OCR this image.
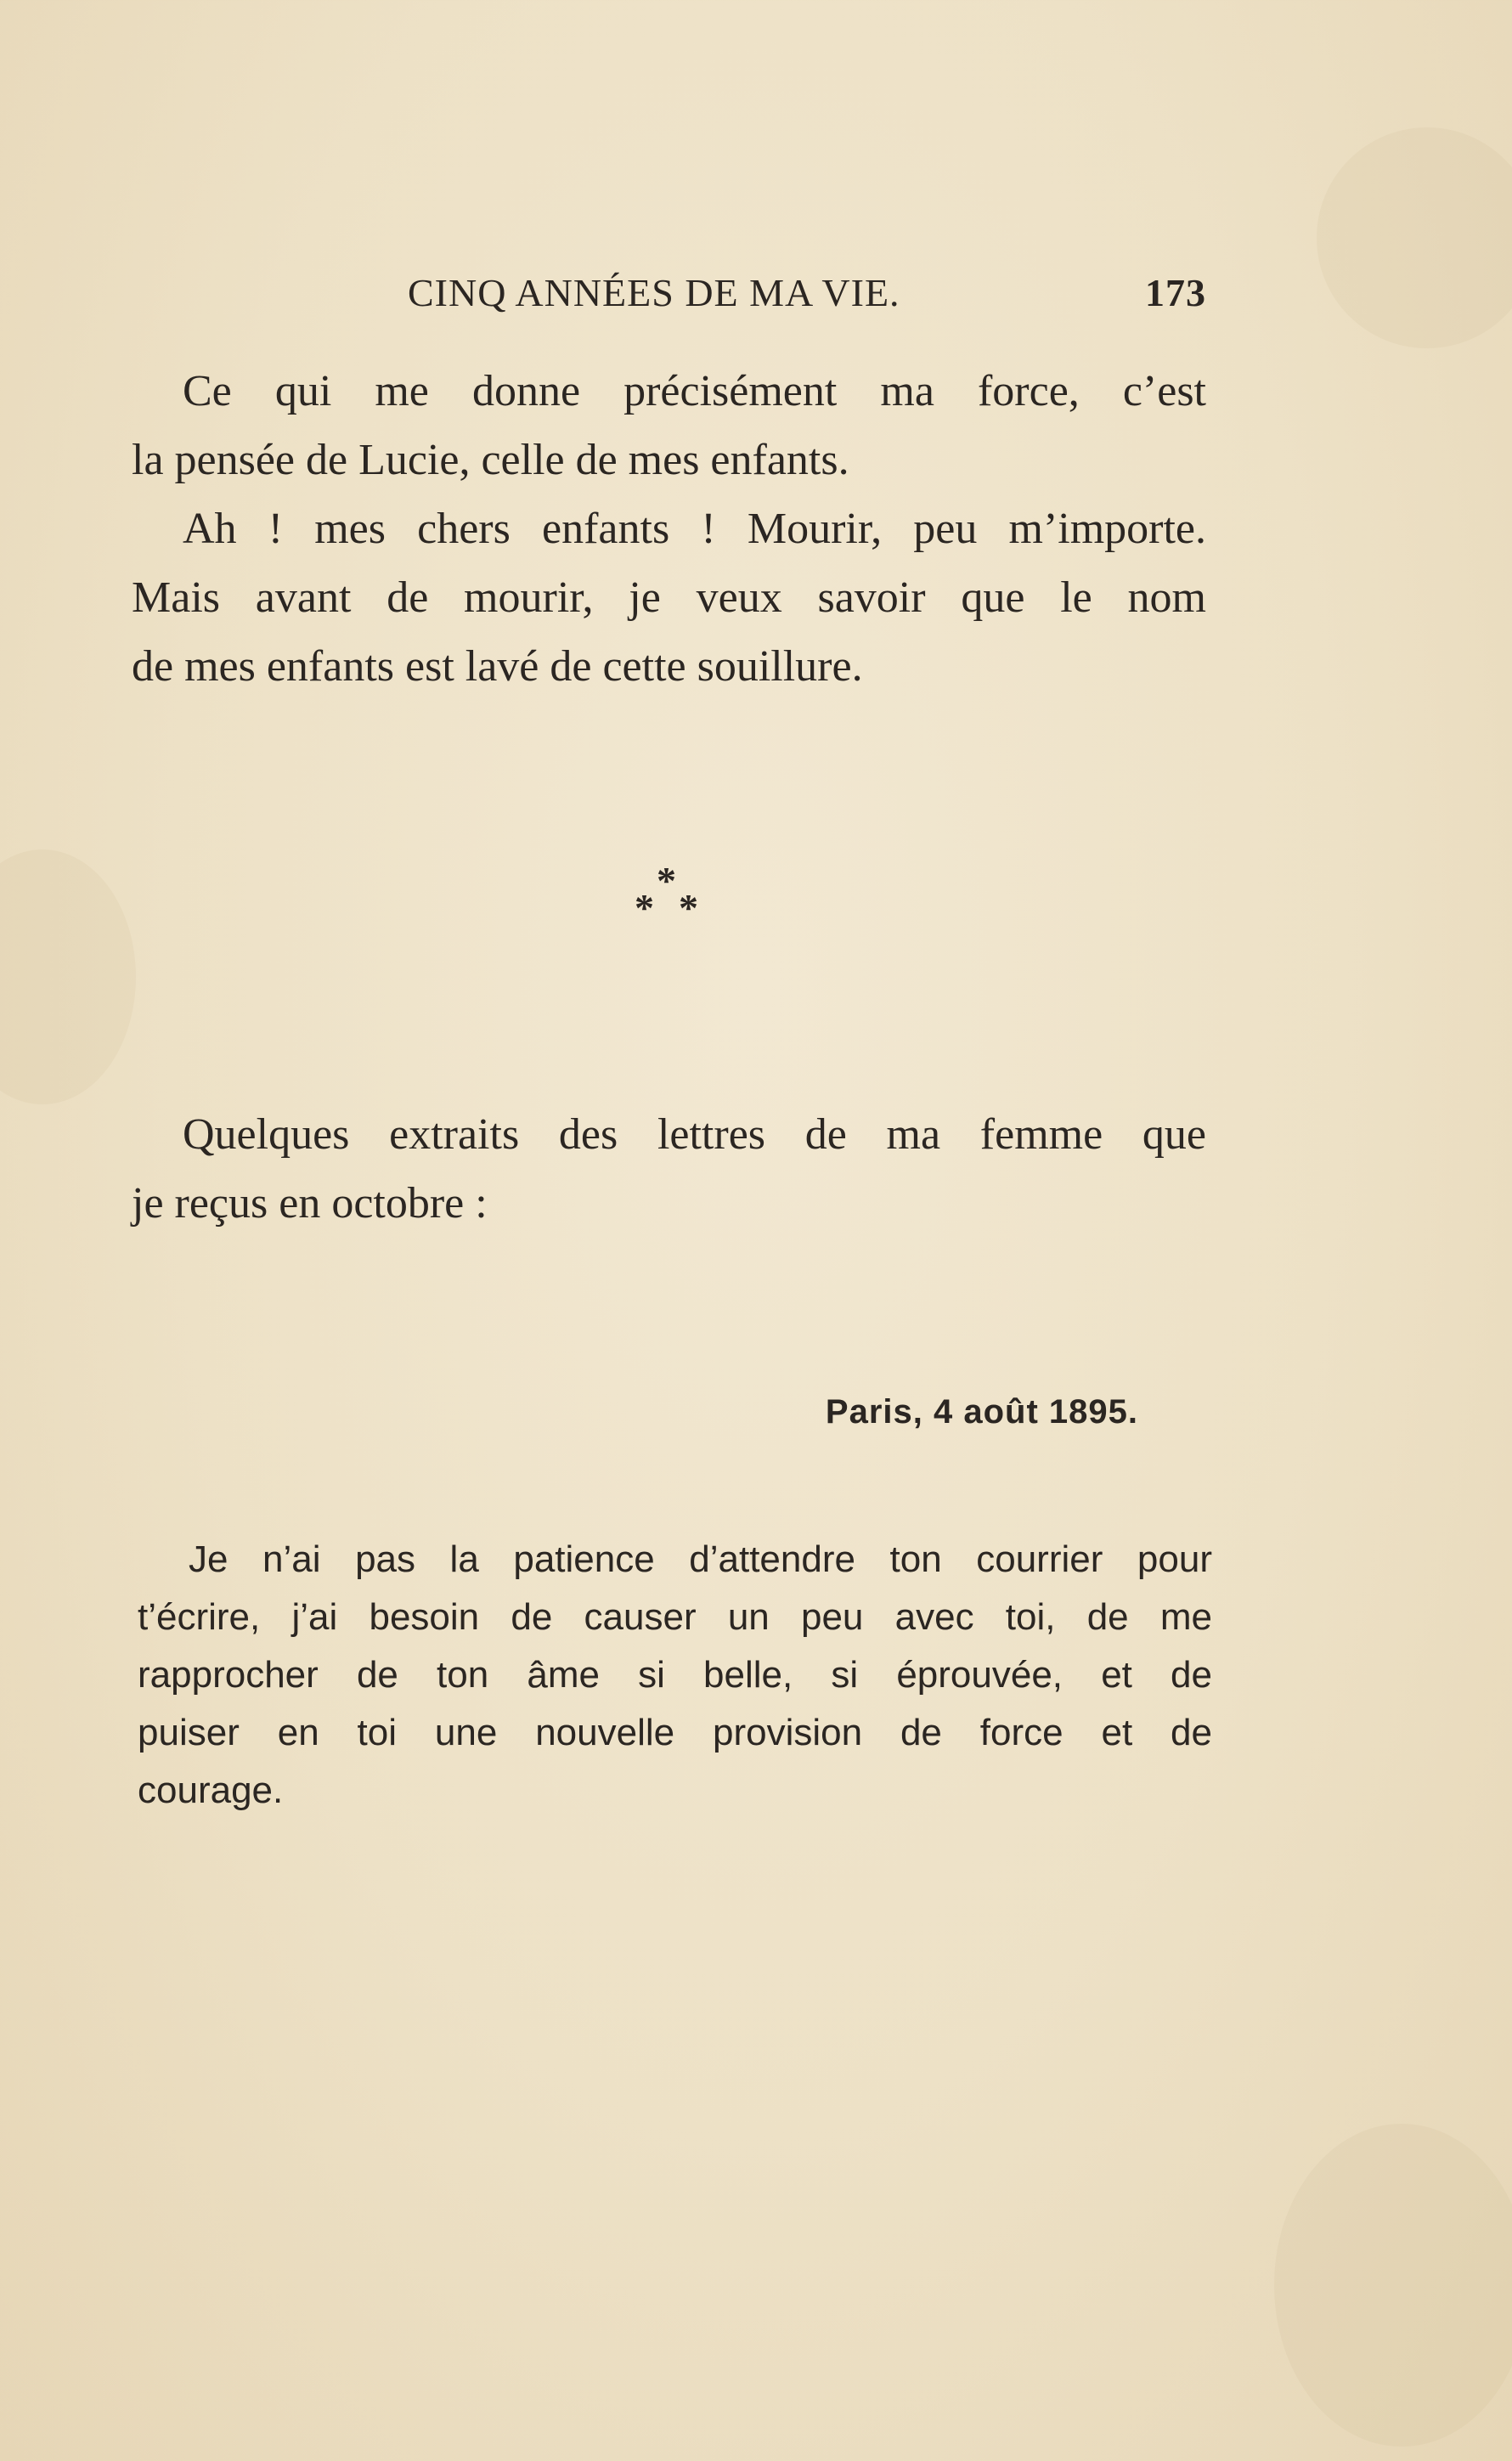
CINQ ANNÉES DE MA VIE.	173

Ce qui me donne précisément ma force, c’est
la pensée de Lucie, celle de mes enfants.

Ah ! mes chers enfants ! Mourir, peu m’importe.
Mais avant de mourir, je veux savoir que le nom
de mes enfants est lavé de cette souillure.

*
* *

Quelques extraits des lettres de ma femme que
je reçus en octobre :

Paris, 4 août 1895.

Je n’ai pas la patience d’attendre ton courrier pour
t’écrire, j’ai besoin de causer un peu avec toi, de me
rapprocher de ton âme si belle, si éprouvée, et de
puiser en toi une nouvelle provision de force et de
courage.
